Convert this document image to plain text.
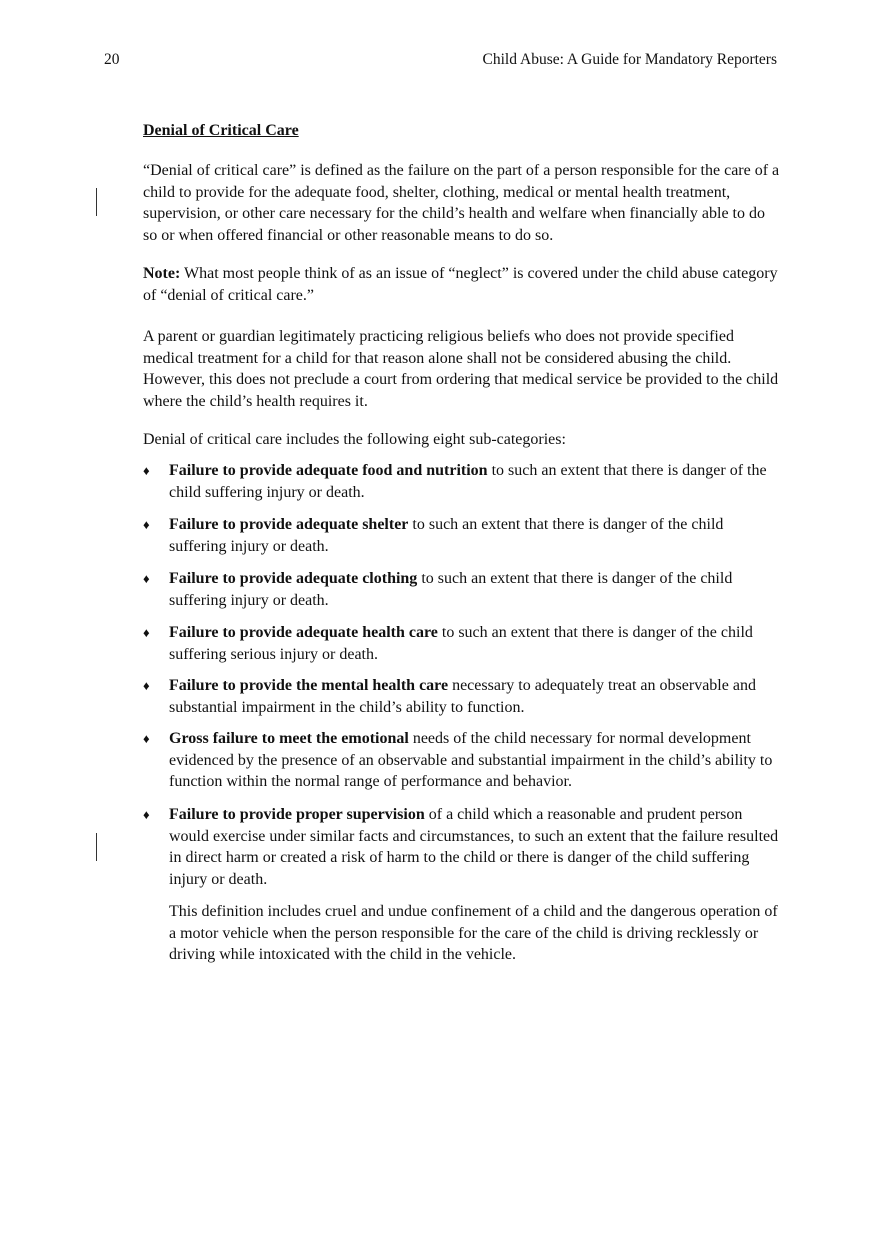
20	Child Abuse: A Guide for Mandatory Reporters
Denial of Critical Care

“Denial of critical care” is defined as the failure on the part of a person responsible for the care of a child to provide for the adequate food, shelter, clothing, medical or mental health treatment, supervision, or other care necessary for the child’s health and welfare when financially able to do so or when offered financial or other reasonable means to do so.

Note: What most people think of as an issue of “neglect” is covered under the child abuse category of “denial of critical care.”

A parent or guardian legitimately practicing religious beliefs who does not provide specified medical treatment for a child for that reason alone shall not be considered abusing the child. However, this does not preclude a court from ordering that medical service be provided to the child where the child’s health requires it.

Denial of critical care includes the following eight sub-categories:

♦ Failure to provide adequate food and nutrition to such an extent that there is danger of the child suffering injury or death.
♦ Failure to provide adequate shelter to such an extent that there is danger of the child suffering injury or death.
♦ Failure to provide adequate clothing to such an extent that there is danger of the child suffering injury or death.
♦ Failure to provide adequate health care to such an extent that there is danger of the child suffering serious injury or death.
♦ Failure to provide the mental health care necessary to adequately treat an observable and substantial impairment in the child’s ability to function.
♦ Gross failure to meet the emotional needs of the child necessary for normal development evidenced by the presence of an observable and substantial impairment in the child’s ability to function within the normal range of performance and behavior.
♦ Failure to provide proper supervision of a child which a reasonable and prudent person would exercise under similar facts and circumstances, to such an extent that the failure resulted in direct harm or created a risk of harm to the child or there is danger of the child suffering injury or death.

This definition includes cruel and undue confinement of a child and the dangerous operation of a motor vehicle when the person responsible for the care of the child is driving recklessly or driving while intoxicated with the child in the vehicle.
